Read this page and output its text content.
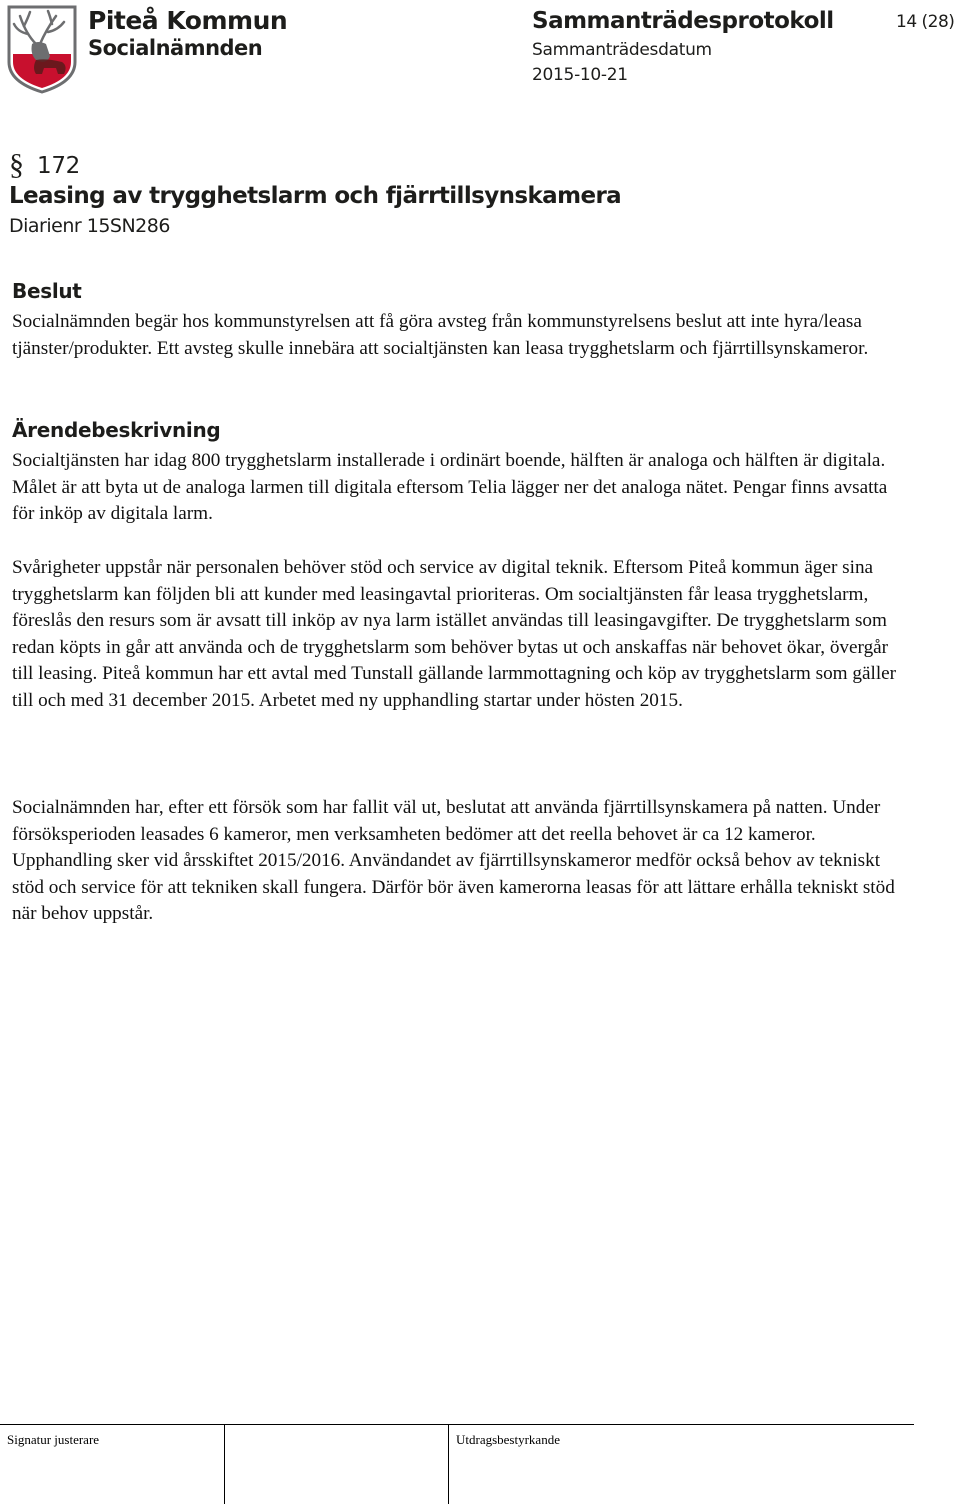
Piteå Kommun
Socialnämnden
Sammanträdesprotokoll
Sammanträdesdatum
2015-10-21
14 (28)
§ 172
Leasing av trygghetslarm och fjärrtillsynskamera
Diarienr 15SN286
Beslut

Socialnämnden begär hos kommunstyrelsen att få göra avsteg från kommunstyrelsens beslut att inte hyra/leasa tjänster/produkter. Ett avsteg skulle innebära att socialtjänsten kan leasa trygghetslarm och fjärrtillsynskameror.

Ärendebeskrivning

Socialtjänsten har idag 800 trygghetslarm installerade i ordinärt boende, hälften är analoga och hälften är digitala. Målet är att byta ut de analoga larmen till digitala eftersom Telia lägger ner det analoga nätet. Pengar finns avsatta för inköp av digitala larm.

Svårigheter uppstår när personalen behöver stöd och service av digital teknik. Eftersom Piteå kommun äger sina trygghetslarm kan följden bli att kunder med leasingavtal prioriteras. Om socialtjänsten får leasa trygghetslarm, föreslås den resurs som är avsatt till inköp av nya larm istället användas till leasingavgifter. De trygghetslarm som redan köpts in går att använda och de trygghetslarm som behöver bytas ut och anskaffas när behovet ökar, övergår till leasing. Piteå kommun har ett avtal med Tunstall gällande larmmottagning och köp av trygghetslarm som gäller till och med 31 december 2015. Arbetet med ny upphandling startar under hösten 2015.

Socialnämnden har, efter ett försök som har fallit väl ut, beslutat att använda fjärrtillsynskamera på natten. Under försöksperioden leasades 6 kameror, men verksamheten bedömer att det reella behovet är ca 12 kameror. Upphandling sker vid årsskiftet 2015/2016. Användandet av fjärrtillsynskameror medför också behov av tekniskt stöd och service för att tekniken skall fungera. Därför bör även kamerorna leasas för att lättare erhålla tekniskt stöd när behov uppstår.

Signatur justerare	Utdragsbestyrkande
